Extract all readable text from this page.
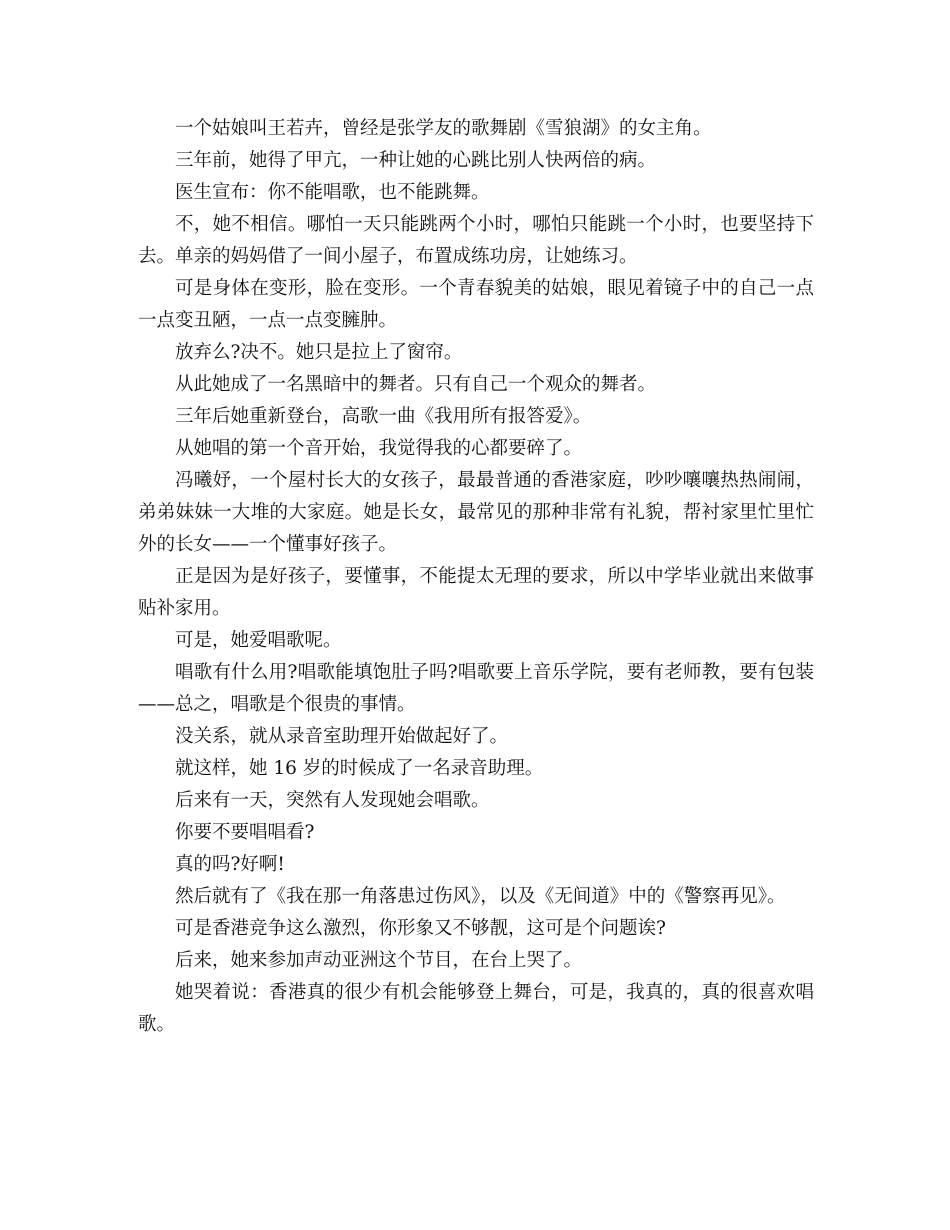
一个姑娘叫王若卉，曾经是张学友的歌舞剧《雪狼湖》的女主角。

三年前，她得了甲亢，一种让她的心跳比别人快两倍的病。

医生宣布：你不能唱歌，也不能跳舞。

不，她不相信。哪怕一天只能跳两个小时，哪怕只能跳一个小时，也要坚持下去。单亲的妈妈借了一间小屋子，布置成练功房，让她练习。

可是身体在变形，脸在变形。一个青春貌美的姑娘，眼见着镜子中的自己一点一点变丑陋，一点一点变臃肿。

放弃么?决不。她只是拉上了窗帘。

从此她成了一名黑暗中的舞者。只有自己一个观众的舞者。

三年后她重新登台，高歌一曲《我用所有报答爱》。

从她唱的第一个音开始，我觉得我的心都要碎了。

冯曦妤，一个屋村长大的女孩子，最最普通的香港家庭，吵吵嚷嚷热热闹闹，弟弟妹妹一大堆的大家庭。她是长女，最常见的那种非常有礼貌，帮衬家里忙里忙外的长女——一个懂事好孩子。

正是因为是好孩子，要懂事，不能提太无理的要求，所以中学毕业就出来做事贴补家用。

可是，她爱唱歌呢。

唱歌有什么用?唱歌能填饱肚子吗?唱歌要上音乐学院，要有老师教，要有包装——总之，唱歌是个很贵的事情。

没关系，就从录音室助理开始做起好了。

就这样，她 16 岁的时候成了一名录音助理。

后来有一天，突然有人发现她会唱歌。

你要不要唱唱看?

真的吗?好啊!

然后就有了《我在那一角落患过伤风》，以及《无间道》中的《警察再见》。

可是香港竞争这么激烈，你形象又不够靓，这可是个问题诶?

后来，她来参加声动亚洲这个节目，在台上哭了。

她哭着说：香港真的很少有机会能够登上舞台，可是，我真的，真的很喜欢唱歌。
